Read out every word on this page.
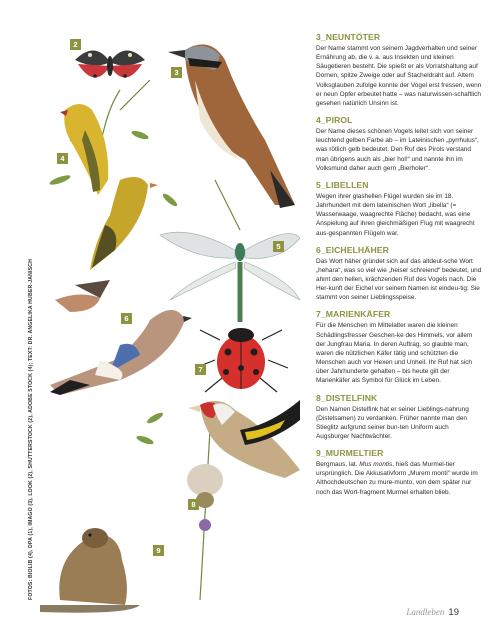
FOTOS: BIOLIB (4), DPA (1), IMAGO (3), LOOK (2), SHUTTERSTOCK (2), ADOBE STOCK (4); TEXT: DR. ANGELIKA HUBER-JANISCH
2
3
4
5
6
7
8
9
3_NEUNTÖTER

Der Name stammt von seinem Jagdverhalten und seiner Ernährung ab, die v. a. aus Insekten und kleinen Säugetieren besteht. Die spießt er als Vorratshaltung auf Dornen, spitze Zweige oder auf Stacheldraht auf. Altem Volksglauben zufolge konnte der Vogel erst fressen, wenn er neun Opfer erbeutet hatte – was naturwissen-schaftlich gesehen natürlich Unsinn ist.

4_PIROL

Der Name dieses schönen Vogels leitet sich von seiner leuchtend gelben Farbe ab – im Lateinischen „pyrrhulus“, was rötlich gelb bedeutet. Den Ruf des Pirols verstand man übrigens auch als „bier hol!“ und nannte ihn im Volksmund daher auch gern „Bierholer“.

5_LIBELLEN

Wegen ihrer glashellen Flügel wurden sie im 18. Jahrhundert mit dem lateinischen Wort „libella“ (= Wasserwaage, waagrechte Fläche) bedacht, was eine Anspielung auf ihren gleichmäßigen Flug mit waagrecht aus-gespannten Flügeln war.

6_EICHELHÄHER

Das Wort häher gründet sich auf das altdeut-sche Wort „hehara“, was so viel wie „heiser schreiend“ bedeutet, und ahmt den hellen, krächzenden Ruf des Vogels nach. Die Her-kunft der Eichel vor seinem Namen ist eindeu-tig: Sie stammt von seiner Lieblingsspeise.

7_MARIENKÄFER

Für die Menschen im Mittelalter waren die kleinen Schädlingsfresser Geschen-ke des Himmels, vor allem der Jungfrau Maria. In deren Auftrag, so glaubte man, waren die nützlichen Käfer tätig und schützten die Menschen auch vor Hexen und Unheil. Ihr Ruf hat sich über Jahrhunderte gehalten – bis heute gilt der Marienkäfer als Symbol für Glück im Leben.

8_DISTELFINK

Den Namen Distelfink hat er seiner Lieblings-nahrung (Distelsamen) zu verdanken. Früher nannte man den Stieglitz aufgrund seiner bun-ten Uniform auch Augsburger Nachtwächter.

9_MURMELTIER

Bergmaus, lat. Mus montis, hieß das Murmel-tier ursprünglich. Die Akkusativform „Murem monti“ wurde im Althochdeutschen zu mure-munto, von dem später nur noch das Wort-fragment Murmel erhalten blieb.

Landleben 19
